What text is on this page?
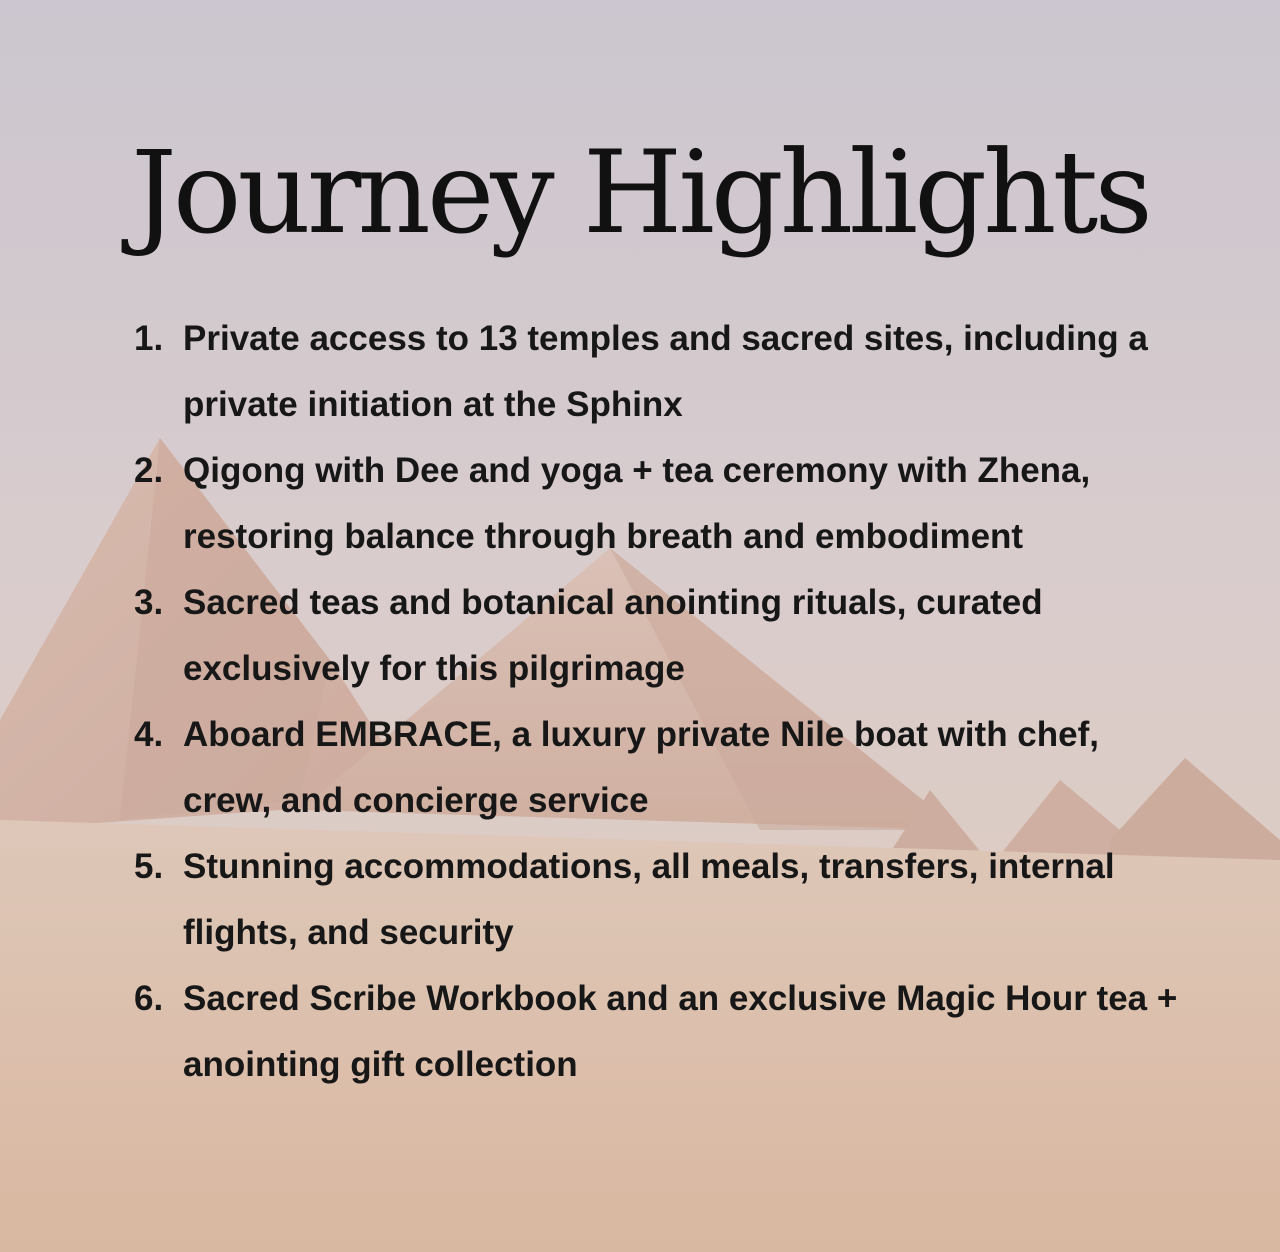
Journey Highlights
1. Private access to 13 temples and sacred sites, including a private initiation at the Sphinx
2. Qigong with Dee and yoga + tea ceremony with Zhena, restoring balance through breath and embodiment
3. Sacred teas and botanical anointing rituals, curated exclusively for this pilgrimage
4. Aboard EMBRACE, a luxury private Nile boat with chef, crew, and concierge service
5. Stunning accommodations, all meals, transfers, internal flights, and security
6. Sacred Scribe Workbook and an exclusive Magic Hour tea + anointing gift collection
